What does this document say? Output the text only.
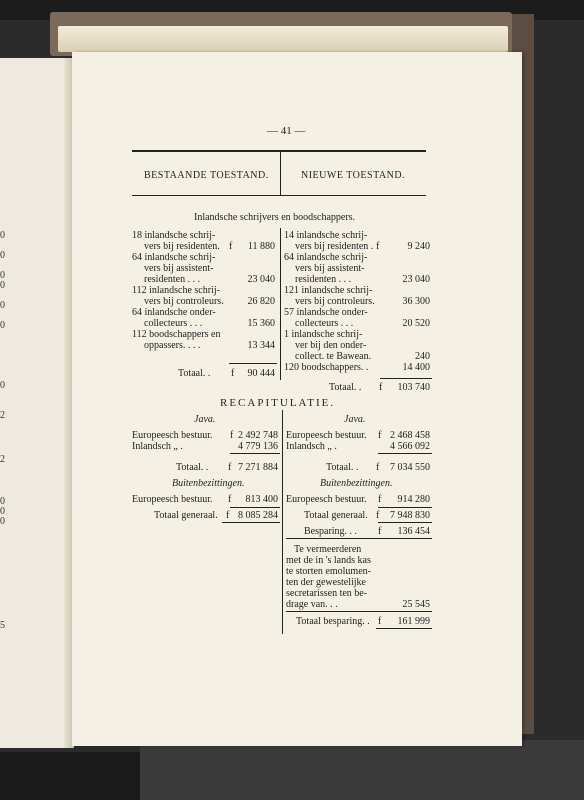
0
0
0
0
0
0
0
2
2
0
0
0
5
— 41 —
BESTAANDE TOESTAND.	NIEUWE TOESTAND.
Inlandsche schrijvers en boodschappers.
18 inlandsche schrij-
vers bij residenten. f	11 880
64 inlandsche schrij-
vers bij assistent-
residenten . . .	23 040
112 inlandsche schrij-
vers bij controleurs.	26 820
64 inlandsche onder-
collecteurs . . .	15 360
112 boodschappers en
oppassers. . . .	13 344
Totaal. . f	90 444
14 inlandsche schrij-
vers bij residenten . f	9 240
64 inlandsche schrij-
vers bij assistent-
residenten . . .	23 040
121 inlandsche schrij-
vers bij controleurs.	36 300
57 inlandsche onder-
collecteurs . . .	20 520
1 inlandsche schrij-
ver bij den onder-
collect. te Bawean.	240
120 boodschappers. .	14 400
Totaal. . f	103 740
RECAPITULATIE.
Java.
Europeesch bestuur. f 2 492 748
Inlandsch „ .	4 779 136
Totaal. . f 7 271 884
Buitenbezittingen.
Europeesch bestuur. f	813 400
Totaal generaal. f 8 085 284
Java.
Europeesch bestuur. f 2 468 458
Inlandsch „ .	4 566 092
Totaal. . f	7 034 550
Buitenbezittingen.
Europeesch bestuur. f	914 280
Totaal generaal. f	7 948 830
Besparing. . . f	136 454
Te vermeerderen
met de in 's lands kas
te storten emolumen-
ten der gewestelijke
secretarissen ten be-
drage van. . .	25 545
Totaal besparing. . f	161 999
